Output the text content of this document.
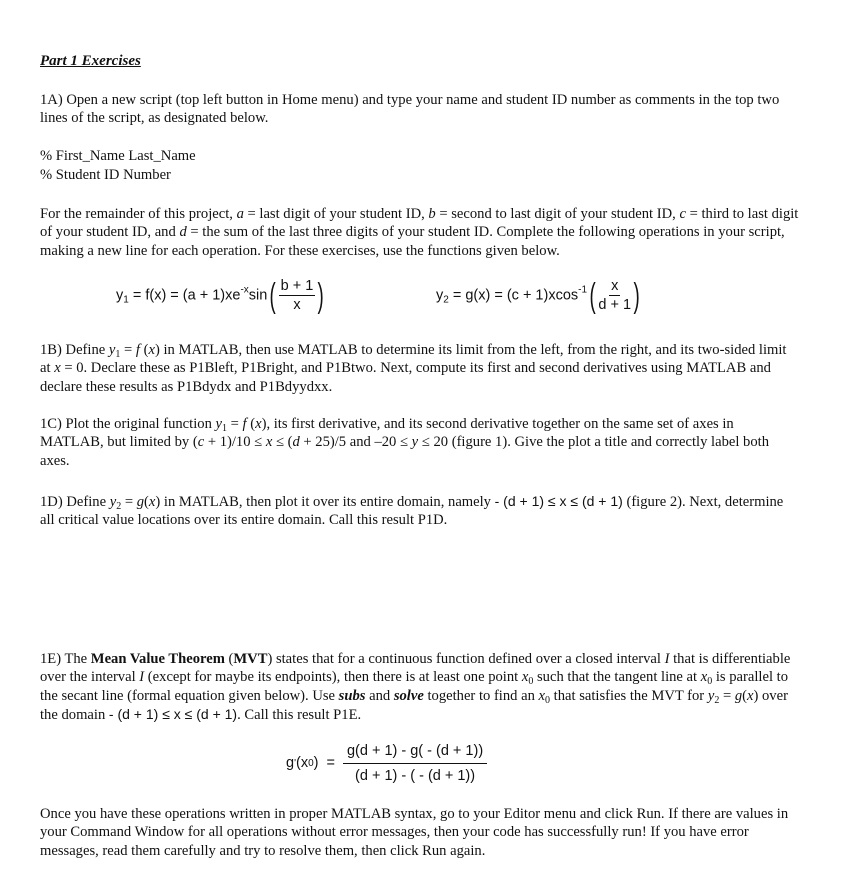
Part 1 Exercises
1A) Open a new script (top left button in Home menu) and type your name and student ID number as comments in the top two lines of the script, as designated below.
% First_Name Last_Name
% Student ID Number
For the remainder of this project, a = last digit of your student ID, b = second to last digit of your student ID, c = third to last digit of your student ID, and d = the sum of the last three digits of your student ID. Complete the following operations in your script, making a new line for each operation. For these exercises, use the functions given below.
$y_1 = f(x) = (a + 1)xe^{-x}\sin$ ( $\frac{b + 1}{x}$ )	$y_2 = g(x) = (c + 1)xcos^{-1}$ ( $\frac{x}{d + 1}$ )
1B) Define $y_1 = f$ (x) in MATLAB, then use MATLAB to determine its limit from the left, from the right, and its two-sided limit at x = 0. Declare these as P1Bleft, P1Bright, and P1Btwo. Next, compute its first and second derivatives using MATLAB and declare these results as P1Bdydx and P1Bdyydxx.
1C) Plot the original function $y_1 = f$ (x), its first derivative, and its second derivative together on the same set of axes in MATLAB, but limited by (c + 1)/10 ≤ x ≤ (d + 25)/5 and –20 ≤ y ≤ 20 (figure 1). Give the plot a title and correctly label both axes.
1D) Define $y_2 = g(x)$ in MATLAB, then plot it over its entire domain, namely - (d + 1) ≤ x ≤ (d + 1) (figure 2). Next, determine all critical value locations over its entire domain. Call this result P1D.
1E) The Mean Value Theorem (MVT) states that for a continuous function defined over a closed interval I that is differentiable over the interval I (except for maybe its endpoints), then there is at least one point $x_0$ such that the tangent line at $x_0$ is parallel to the secant line (formal equation given below). Use subs and solve together to find an $x_0$ that satisfies the MVT for $y_2 = g(x)$ over the domain - (d + 1) ≤ x ≤ (d + 1). Call this result P1E.
g ' (x 0 ) = $\frac{g(d + 1) - g( - (d + 1))}{(d + 1) - ( - (d + 1))}$
Once you have these operations written in proper MATLAB syntax, go to your Editor menu and click Run. If there are values in your Command Window for all operations without error messages, then your code has successfully run! If you have error messages, read them carefully and try to resolve them, then click Run again.
